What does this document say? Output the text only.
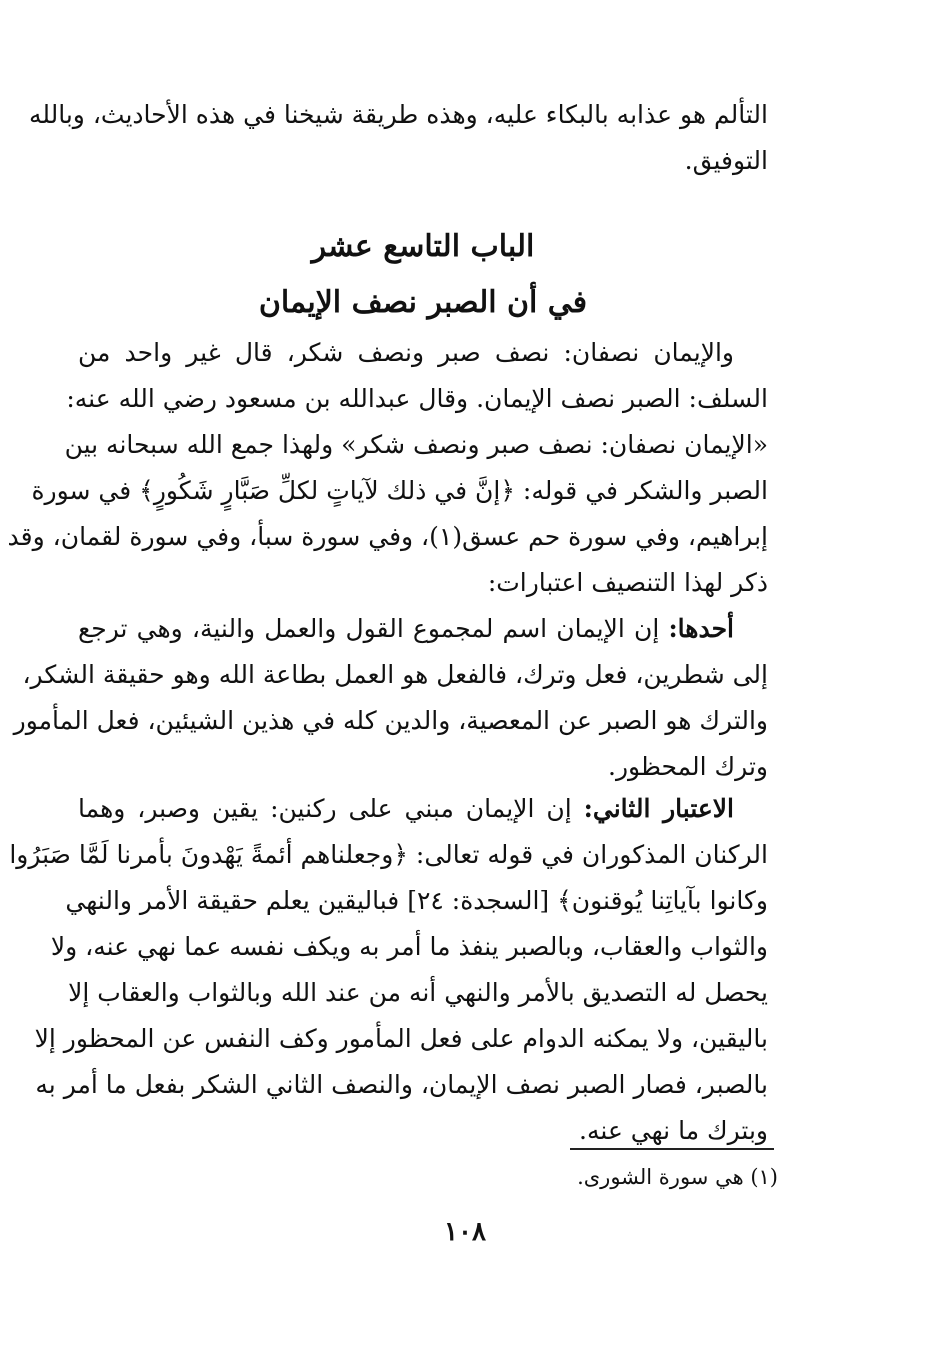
التألم هو عذابه بالبكاء عليه، وهذه طريقة شيخنا في هذه الأحاديث، وبالله
التوفيق.
الباب التاسع عشر
في أن الصبر نصف الإيمان
والإيمان نصفان: نصف صبر ونصف شكر، قال غير واحد من
السلف: الصبر نصف الإيمان. وقال عبدالله بن مسعود رضي الله عنه:
«الإيمان نصفان: نصف صبر ونصف شكر» ولهذا جمع الله سبحانه بين
الصبر والشكر في قوله: ﴿إنَّ في ذلك لآياتٍ لكلِّ صَبَّارٍ شَكُورٍ﴾ في سورة
إبراهيم، وفي سورة حم عسق(١)، وفي سورة سبأ، وفي سورة لقمان، وقد
ذكر لهذا التنصيف اعتبارات:
أحدها: إن الإيمان اسم لمجموع القول والعمل والنية، وهي ترجع
إلى شطرين، فعل وترك، فالفعل هو العمل بطاعة الله وهو حقيقة الشكر،
والترك هو الصبر عن المعصية، والدين كله في هذين الشيئين، فعل المأمور
وترك المحظور.
الاعتبار الثاني: إن الإيمان مبني على ركنين: يقين وصبر، وهما
الركنان المذكوران في قوله تعالى: ﴿وجعلناهم أئمةً يَهْدونَ بأمرنا لَمَّا صَبَرُوا
وكانوا بآياتِنا يُوقنون﴾ [السجدة: ٢٤] فباليقين يعلم حقيقة الأمر والنهي
والثواب والعقاب، وبالصبر ينفذ ما أمر به ويكف نفسه عما نهي عنه، ولا
يحصل له التصديق بالأمر والنهي أنه من عند الله وبالثواب والعقاب إلا
باليقين، ولا يمكنه الدوام على فعل المأمور وكف النفس عن المحظور إلا
بالصبر، فصار الصبر نصف الإيمان، والنصف الثاني الشكر بفعل ما أمر به
وبترك ما نهي عنه.
(١) هي سورة الشورى.
١٠٨
